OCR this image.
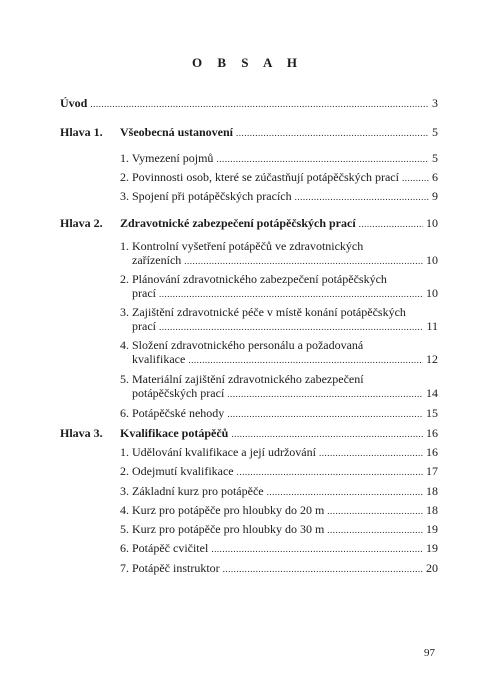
O B S A H
Úvod .....	3
Hlava 1. Všeobecná ustanovení .....	5
1. Vymezení pojmů .....	5
2. Povinnosti osob, které se zúčastňují potápěčských prací .....	6
3. Spojení při potápěčských pracích .....	9
Hlava 2. Zdravotnické zabezpečení potápěčských prací .....	10
1. Kontrolní vyšetření potápěčů ve zdravotnických
zařízeních .....	10
2. Plánování zdravotnického zabezpečení potápěčských
prací .....	10
3. Zajištění zdravotnické péče v místě konání potápěčských
prací .....	11
4. Složení zdravotnického personálu a požadovaná
kvalifikace .....	12
5. Materiální zajištění zdravotnického zabezpečení
potápěčských prací .....	14
6. Potápěčské nehody .....	15
Hlava 3. Kvalifikace potápěčů .....	16
1. Udělování kvalifikace a její udržování .....	16
2. Odejmutí kvalifikace .....	17
3. Základní kurz pro potápěče .....	18
4. Kurz pro potápěče pro hloubky do 20 m .....	18
5. Kurz pro potápěče pro hloubky do 30 m .....	19
6. Potápěč cvičitel .....	19
7. Potápěč instruktor .....	20
97
